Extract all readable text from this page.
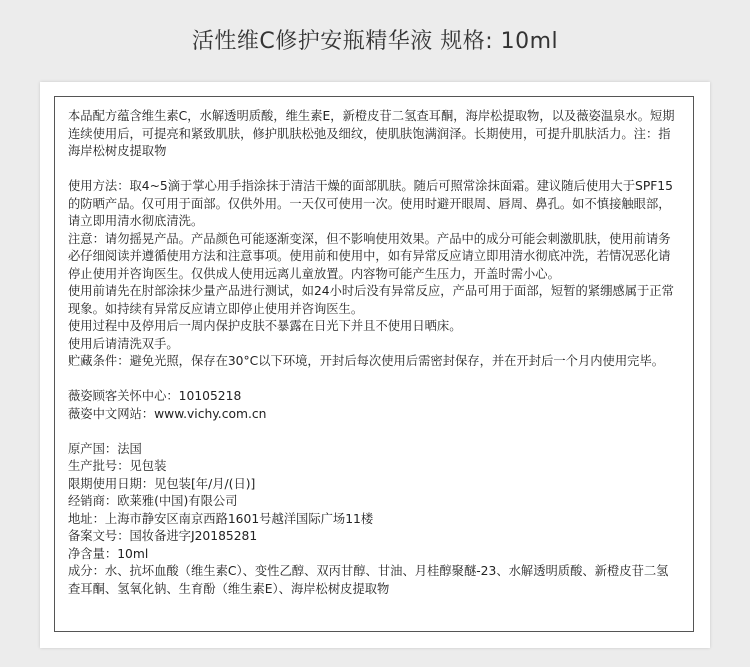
活性维C修护安瓶精华液 规格: 10ml

本品配方蕴含维生素C，水解透明质酸，维生素E，新橙皮苷二氢查耳酮，海岸松提取物，以及薇姿温泉水。短期连续使用后，可提亮和紧致肌肤，修护肌肤松弛及细纹，使肌肤饱满润泽。长期使用，可提升肌肤活力。注：指海岸松树皮提取物

使用方法：取4~5滴于掌心用手指涂抹于清洁干燥的面部肌肤。随后可照常涂抹面霜。建议随后使用大于SPF15的防晒产品。仅可用于面部。仅供外用。一天仅可使用一次。使用时避开眼周、唇周、鼻孔。如不慎接触眼部，请立即用清水彻底清洗。

注意：请勿摇晃产品。产品颜色可能逐渐变深，但不影响使用效果。产品中的成分可能会刺激肌肤，使用前请务必仔细阅读并遵循使用方法和注意事项。使用前和使用中，如有异常反应请立即用清水彻底冲洗，若情况恶化请停止使用并咨询医生。仅供成人使用远离儿童放置。内容物可能产生压力，开盖时需小心。

使用前请先在肘部涂抹少量产品进行测试，如24小时后没有异常反应，产品可用于面部，短暂的紧绷感属于正常现象。如持续有异常反应请立即停止使用并咨询医生。

使用过程中及停用后一周内保护皮肤不暴露在日光下并且不使用日晒床。

使用后请清洗双手。

贮藏条件：避免光照，保存在30°C以下环境，开封后每次使用后需密封保存，并在开封后一个月内使用完毕。

薇姿顾客关怀中心：10105218

薇姿中文网站：www.vichy.com.cn

原产国：法国

生产批号：见包装

限期使用日期：见包装[年/月/(日)]

经销商：欧莱雅(中国)有限公司

地址：上海市静安区南京西路1601号越洋国际广场11楼

备案文号：国妆备进字J20185281

净含量：10ml

成分：水、抗坏血酸（维生素C）、变性乙醇、双丙甘醇、甘油、月桂醇聚醚-23、水解透明质酸、新橙皮苷二氢查耳酮、氢氧化钠、生育酚（维生素E）、海岸松树皮提取物
